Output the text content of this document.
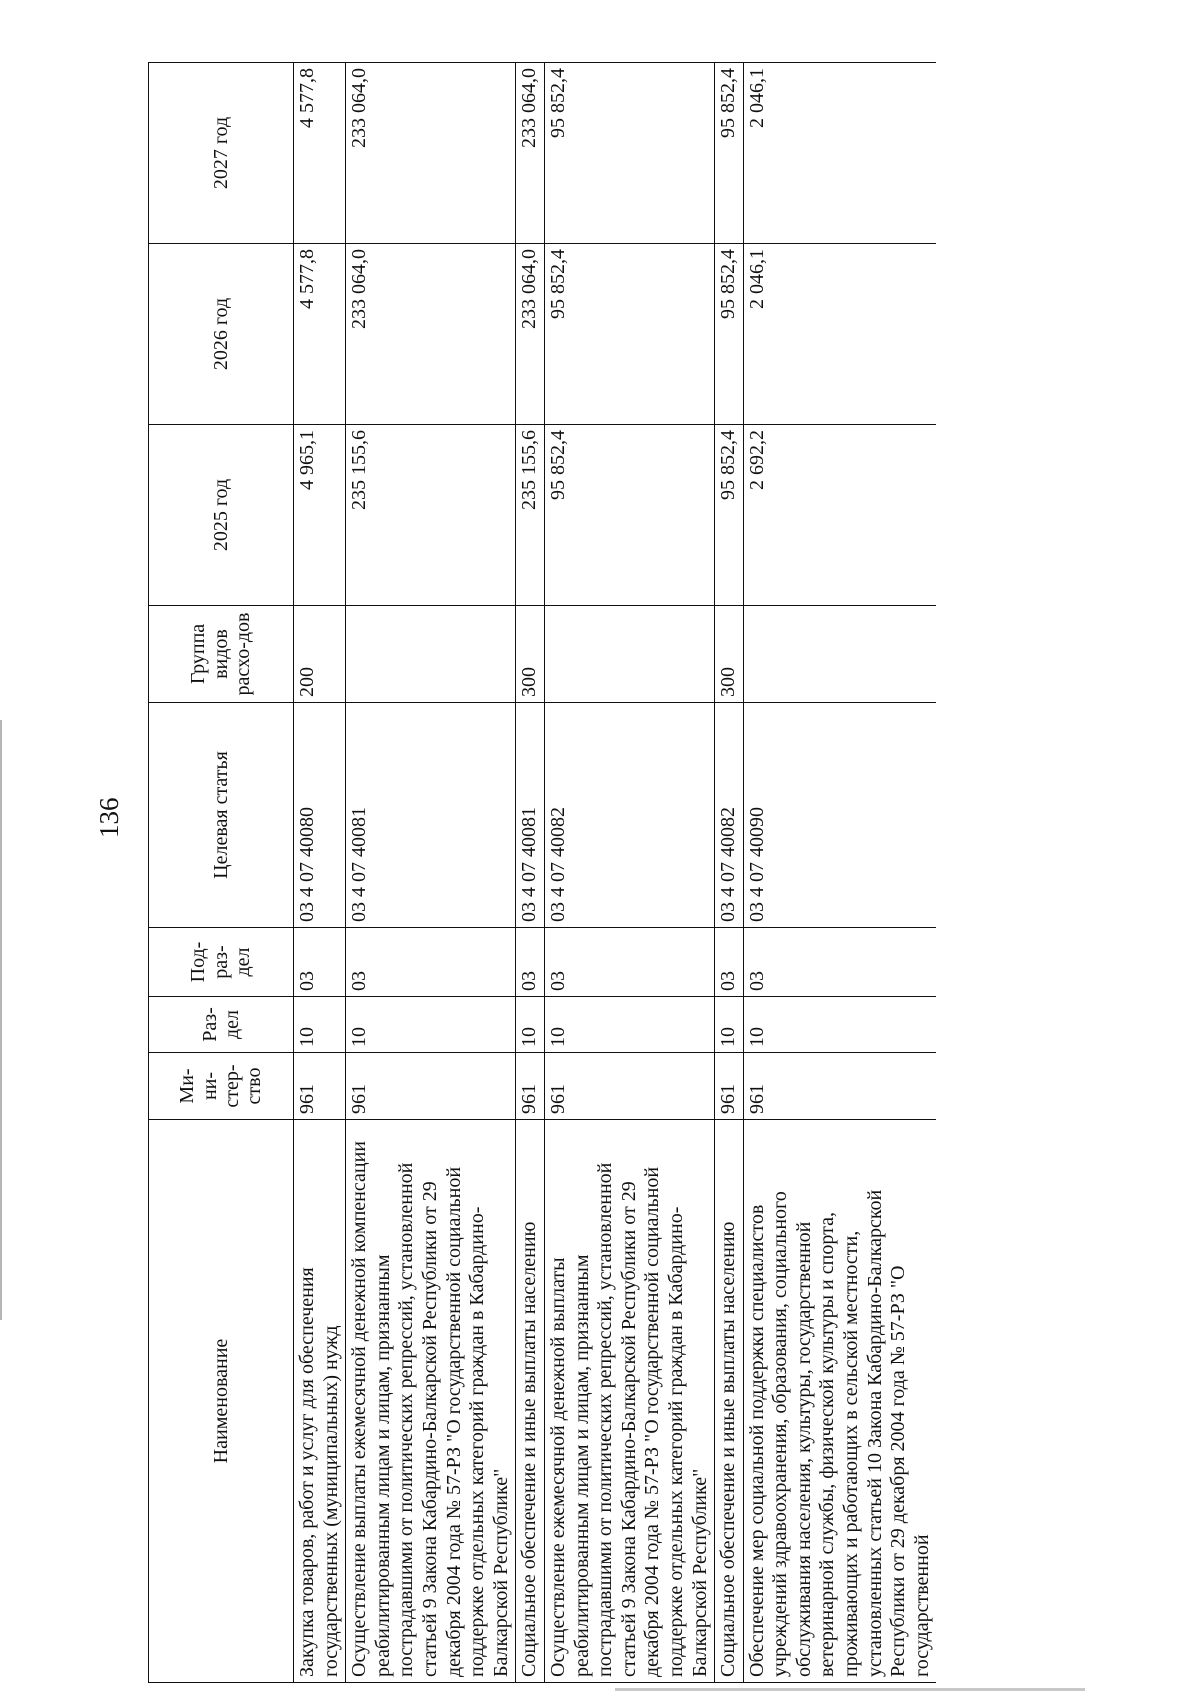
136
Наименование	Ми-ни-стер-ство	Раз-дел	Под-раз-дел	Целевая статья	Группа видов расхо-дов	2025 год	2026 год	2027 год
Закупка товаров, работ и услуг для обеспечения государственных (муниципальных) нужд	961	10	03	03 4 07 40080	200	4 965,1	4 577,8	4 577,8
Осуществление выплаты ежемесячной денежной компенсации реабилитированным лицам и лицам, признанным пострадавшими от политических репрессий, установленной статьей 9 Закона Кабардино-Балкарской Республики от 29 декабря 2004 года № 57-РЗ "О государственной социальной поддержке отдельных категорий граждан в Кабардино-Балкарской Республике"	961	10	03	03 4 07 40081		235 155,6	233 064,0	233 064,0
Социальное обеспечение и иные выплаты населению	961	10	03	03 4 07 40081	300	235 155,6	233 064,0	233 064,0
Осуществление ежемесячной денежной выплаты реабилитированным лицам и лицам, признанным пострадавшими от политических репрессий, установленной статьей 9 Закона Кабардино-Балкарской Республики от 29 декабря 2004 года № 57-РЗ "О государственной социальной поддержке отдельных категорий граждан в Кабардино-Балкарской Республике"	961	10	03	03 4 07 40082		95 852,4	95 852,4	95 852,4
Социальное обеспечение и иные выплаты населению	961	10	03	03 4 07 40082	300	95 852,4	95 852,4	95 852,4
Обеспечение мер социальной поддержки специалистов учреждений здравоохранения, образования, социального обслуживания населения, культуры, государственной ветеринарной службы, физической культуры и спорта, проживающих и работающих в сельской местности, установленных статьей 10 Закона Кабардино-Балкарской Республики от 29 декабря 2004 года № 57-РЗ "О государственной	961	10	03	03 4 07 40090		2 692,2	2 046,1	2 046,1
